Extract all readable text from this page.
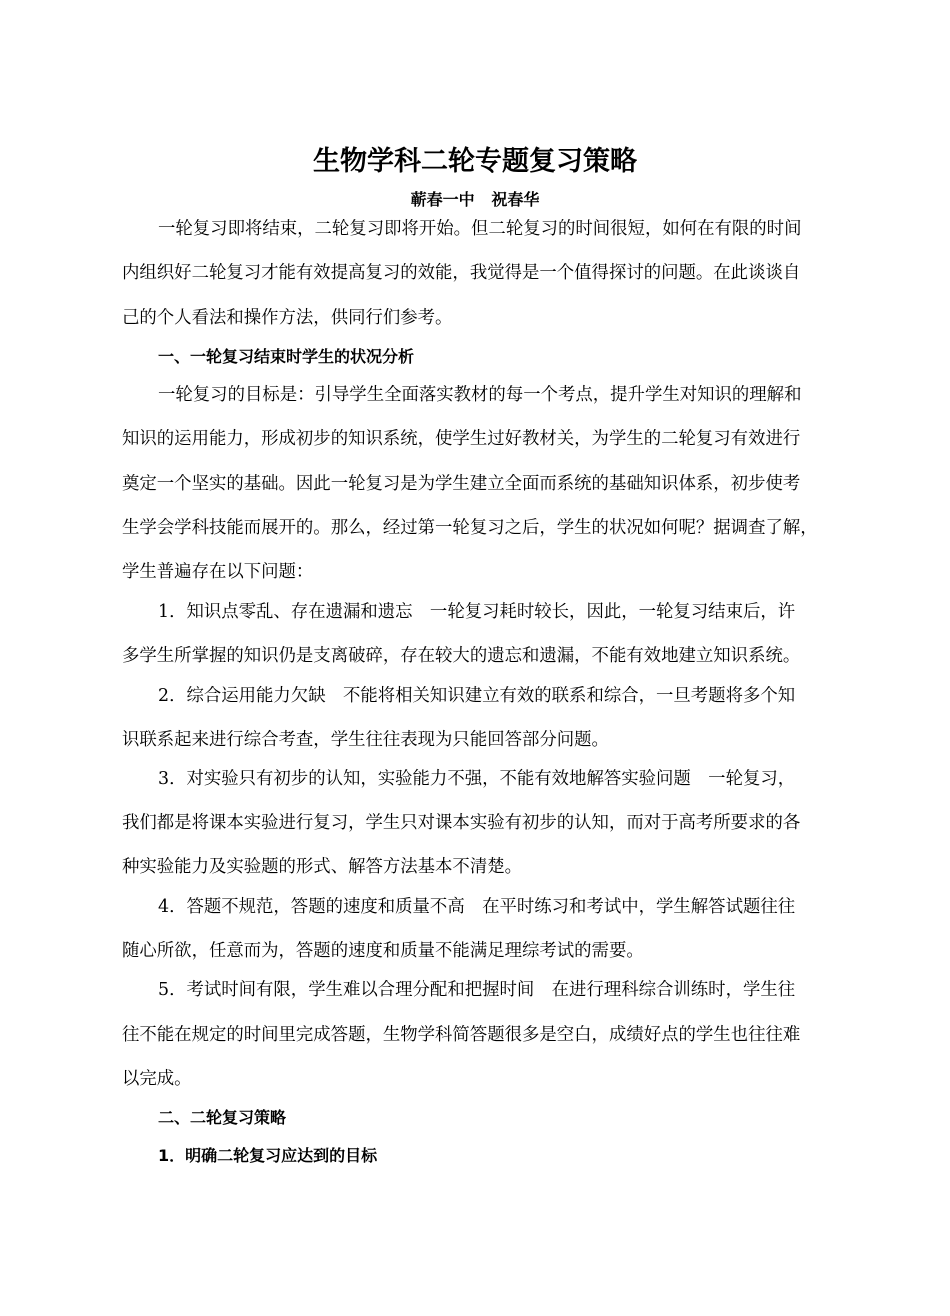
生物学科二轮专题复习策略

蕲春一中   祝春华

一轮复习即将结束，二轮复习即将开始。但二轮复习的时间很短，如何在有限的时间

内组织好二轮复习才能有效提高复习的效能，我觉得是一个值得探讨的问题。在此谈谈自

己的个人看法和操作方法，供同行们参考。

一、一轮复习结束时学生的状况分析

一轮复习的目标是：引导学生全面落实教材的每一个考点，提升学生对知识的理解和

知识的运用能力，形成初步的知识系统，使学生过好教材关，为学生的二轮复习有效进行

奠定一个坚实的基础。因此一轮复习是为学生建立全面而系统的基础知识体系，初步使考

生学会学科技能而展开的。那么，经过第一轮复习之后，学生的状况如何呢？据调查了解，

学生普遍存在以下问题：

1．知识点零乱、存在遗漏和遗忘　一轮复习耗时较长，因此，一轮复习结束后，许

多学生所掌握的知识仍是支离破碎，存在较大的遗忘和遗漏，不能有效地建立知识系统。

2．综合运用能力欠缺　不能将相关知识建立有效的联系和综合，一旦考题将多个知

识联系起来进行综合考查，学生往往表现为只能回答部分问题。

3．对实验只有初步的认知，实验能力不强，不能有效地解答实验问题　一轮复习，

我们都是将课本实验进行复习，学生只对课本实验有初步的认知，而对于高考所要求的各

种实验能力及实验题的形式、解答方法基本不清楚。

4．答题不规范，答题的速度和质量不高　在平时练习和考试中，学生解答试题往往

随心所欲，任意而为，答题的速度和质量不能满足理综考试的需要。

5．考试时间有限，学生难以合理分配和把握时间　在进行理科综合训练时，学生往

往不能在规定的时间里完成答题，生物学科简答题很多是空白，成绩好点的学生也往往难

以完成。

二、二轮复习策略

1．明确二轮复习应达到的目标
